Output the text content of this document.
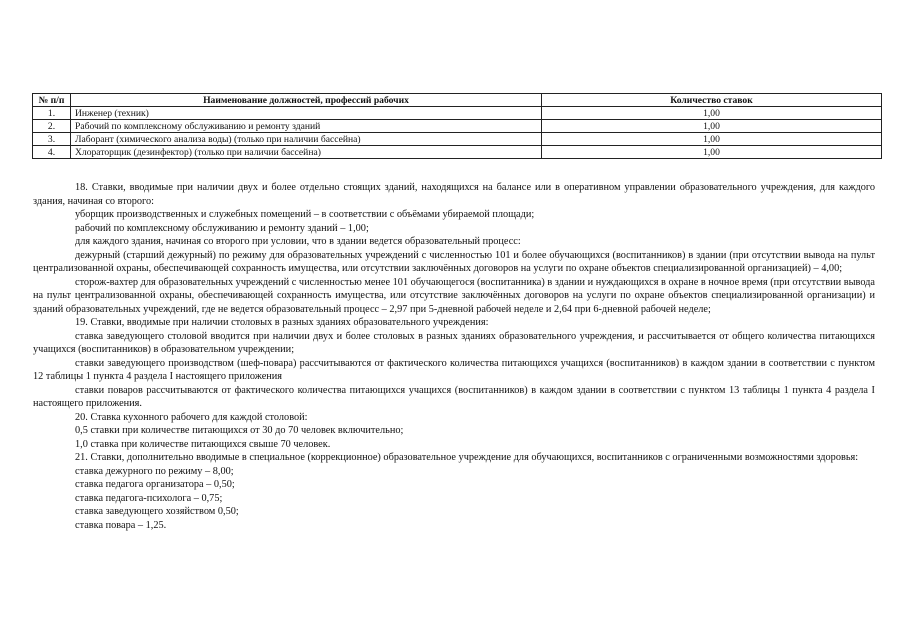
№ п/п	Наименование должностей, профессий рабочих	Количество ставок
1.	Инженер (техник)	1,00
2.	Рабочий по комплексному обслуживанию и ремонту зданий	1,00
3.	Лаборант (химического анализа воды) (только при наличии бассейна)	1,00
4.	Хлораторщик (дезинфектор) (только при наличии бассейна)	1,00

18. Ставки, вводимые при наличии двух и более отдельно стоящих зданий, находящихся на балансе или в оперативном управлении образовательного учреждения, для каждого здания, начиная со второго:

уборщик производственных и служебных помещений – в соответствии с объёмами убираемой площади;

рабочий по комплексному обслуживанию и ремонту зданий – 1,00;

для каждого здания, начиная со второго при условии, что в здании ведется образовательный процесс:

дежурный (старший дежурный) по режиму для образовательных учреждений с численностью 101 и более обучающихся (воспитанников) в здании (при отсутствии вывода на пульт централизованной охраны, обеспечивающей сохранность имущества, или отсутствии заключённых договоров на услуги по охране объектов специализированной организацией) – 4,00;

сторож-вахтер для образовательных учреждений с численностью менее 101 обучающегося (воспитанника) в здании и нуждающихся в охране в ночное время (при отсутствии вывода на пульт централизованной охраны, обеспечивающей сохранность имущества, или отсутствие заключённых договоров на услуги по охране объектов специализированной организации) и зданий образовательных учреждений, где не ведется образовательный процесс – 2,97 при 5-дневной рабочей неделе и 2,64 при 6-дневной рабочей неделе;

19. Ставки, вводимые при наличии столовых в разных зданиях образовательного учреждения:

ставка заведующего столовой вводится при наличии двух и более столовых в разных зданиях образовательного учреждения, и рассчитывается от общего количества питающихся учащихся (воспитанников) в образовательном учреждении;

ставки заведующего производством (шеф-повара) рассчитываются от фактического количества питающихся учащихся (воспитанников) в каждом здании в соответствии с пунктом 12 таблицы 1 пункта 4 раздела I настоящего приложения

ставки поваров рассчитываются от фактического количества питающихся учащихся (воспитанников) в каждом здании в соответствии с пунктом 13 таблицы 1 пункта 4 раздела I настоящего приложения.

20. Ставка кухонного рабочего для каждой столовой:

0,5 ставки при количестве питающихся от 30 до 70 человек включительно;

1,0 ставка при количестве питающихся свыше 70 человек.

21. Ставки, дополнительно вводимые в специальное (коррекционное) образовательное учреждение для обучающихся, воспитанников с ограниченными возможностями здоровья:

ставка дежурного по режиму – 8,00;

ставка педагога организатора – 0,50;

ставка педагога-психолога – 0,75;

ставка заведующего хозяйством 0,50;

ставка повара – 1,25.
